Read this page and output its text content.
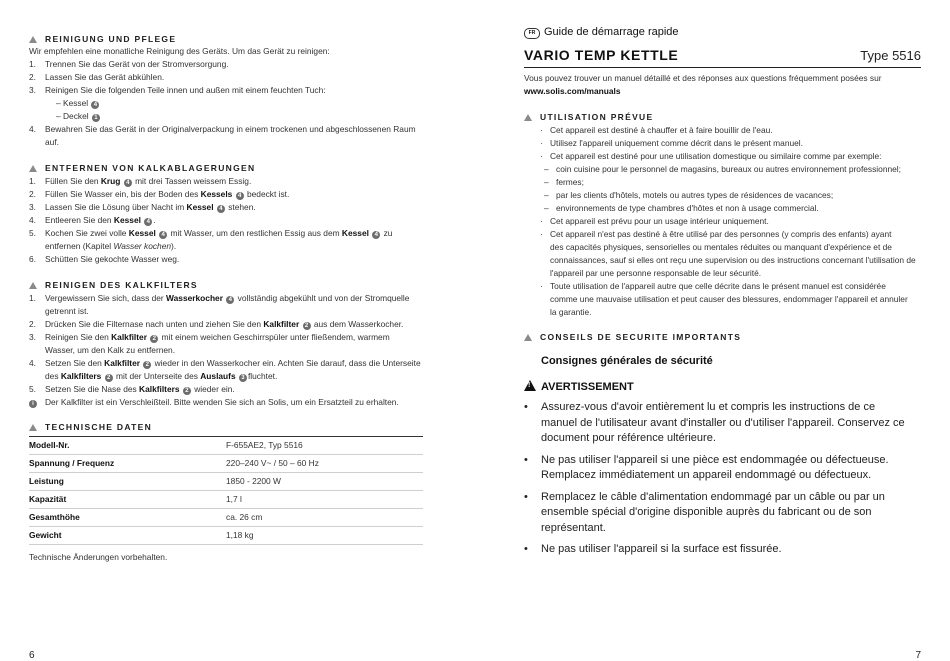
REINIGUNG UND PFLEGE
Wir empfehlen eine monatliche Reinigung des Geräts. Um das Gerät zu reinigen:
1. Trennen Sie das Gerät von der Stromversorgung.
2. Lassen Sie das Gerät abkühlen.
3. Reinigen Sie die folgenden Teile innen und außen mit einem feuchten Tuch:
– Kessel 4
– Deckel 1
4. Bewahren Sie das Gerät in der Originalverpackung in einem trockenen und abgeschlossenen Raum
auf.
ENTFERNEN VON KALKABLAGERUNGEN
1. Füllen Sie den Krug 4 mit drei Tassen weissem Essig.
2. Füllen Sie Wasser ein, bis der Boden des Kessels 4 bedeckt ist.
3. Lassen Sie die Lösung über Nacht im Kessel 4 stehen.
4. Entleeren Sie den Kessel 4 .
5. Kochen Sie zwei volle Kessel 4 mit Wasser, um den restlichen Essig aus dem Kessel 4 zu
entfernen (Kapitel Wasser kochen).
6. Schütten Sie gekochte Wasser weg.
REINIGEN DES KALKFILTERS
1. Vergewissern Sie sich, dass der Wasserkocher 4 vollständig abgekühlt und von der Stromquelle
getrennt ist.
2. Drücken Sie die Filternase nach unten und ziehen Sie den Kalkfilter 2 aus dem Wasserkocher.
3. Reinigen Sie den Kalkfilter 2 mit einem weichen Geschirrspüler unter fließendem, warmem
Wasser, um den Kalk zu entfernen.
4. Setzen Sie den Kalkfilter 2 wieder in den Wasserkocher ein. Achten Sie darauf, dass die Unterseite
des Kalkfilters 2 mit der Unterseite des Auslaufs 3 fluchtet.
5. Setzen Sie die Nase des Kalkfilters 2 wieder ein.
i	Der Kalkfilter ist ein Verschleißteil. Bitte wenden Sie sich an Solis, um ein Ersatzteil zu erhalten.
TECHNISCHE DATEN
Modell-Nr.	F-655AE2, Typ 5516
Spannung / Frequenz	220–240 V~ / 50 – 60 Hz
Leistung	1850 - 2200 W
Kapazität	1,7 l
Gesamthöhe	ca. 26 cm
Gewicht	1,18 kg
Technische Änderungen vorbehalten.
6
FR Guide de démarrage rapide
VARIO TEMP KETTLE	Type 5516
Vous pouvez trouver un manuel détaillé et des réponses aux questions fréquemment posées sur
www.solis.com/manuals
UTILISATION PRÉVUE
· Cet appareil est destiné à chauffer et à faire bouillir de l'eau.
· Utilisez l'appareil uniquement comme décrit dans le présent manuel.
· Cet appareil est destiné pour une utilisation domestique ou similaire comme par exemple:
– coin cuisine pour le personnel de magasins, bureaux ou autres environnement professionnel;
– fermes;
– par les clients d'hôtels, motels ou autres types de résidences de vacances;
– environnements de type chambres d'hôtes et non à usage commercial.
· Cet appareil est prévu pour un usage intérieur uniquement.
· Cet appareil n'est pas destiné à être utilisé par des personnes (y compris des enfants) ayant
des capacités physiques, sensorielles ou mentales réduites ou manquant d'expérience et de
connaissances, sauf si elles ont reçu une supervision ou des instructions concernant l'utilisation de
l'appareil par une personne responsable de leur sécurité.
· Toute utilisation de l'appareil autre que celle décrite dans le présent manuel est considérée
comme une mauvaise utilisation et peut causer des blessures, endommager l'appareil et annuler
la garantie.
CONSEILS DE SECURITE IMPORTANTS
Consignes générales de sécurité
! AVERTISSEMENT
• Assurez-vous d'avoir entièrement lu et compris les instructions de ce
manuel de l'utilisateur avant d'installer ou d'utiliser l'appareil. Conservez ce
document pour référence ultérieure.
• Ne pas utiliser l'appareil si une pièce est endommagée ou défectueuse.
Remplacez immédiatement un appareil endommagé ou défectueux.
• Remplacez le câble d'alimentation endommagé par un câble ou par un
ensemble spécial d'origine disponible auprès du fabricant ou de son
représentant.
• Ne pas utiliser l'appareil si la surface est fissurée.
7
